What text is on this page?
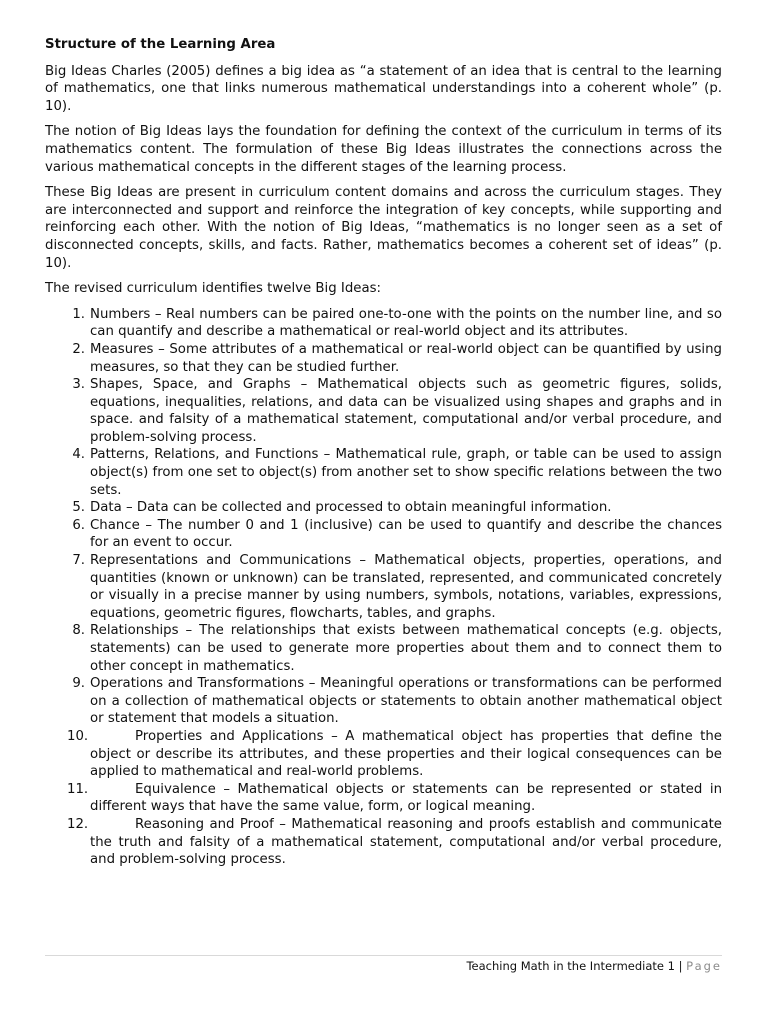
Structure of the Learning Area

Big Ideas Charles (2005) defines a big idea as “a statement of an idea that is central to the learning of mathematics, one that links numerous mathematical understandings into a coherent whole” (p. 10).

The notion of Big Ideas lays the foundation for defining the context of the curriculum in terms of its mathematics content. The formulation of these Big Ideas illustrates the connections across the various mathematical concepts in the different stages of the learning process.

These Big Ideas are present in curriculum content domains and across the curriculum stages. They are interconnected and support and reinforce the integration of key concepts, while supporting and reinforcing each other. With the notion of Big Ideas, “mathematics is no longer seen as a set of disconnected concepts, skills, and facts. Rather, mathematics becomes a coherent set of ideas” (p. 10).

The revised curriculum identifies twelve Big Ideas:

1. Numbers – Real numbers can be paired one-to-one with the points on the number line, and so can quantify and describe a mathematical or real-world object and its attributes.
2. Measures – Some attributes of a mathematical or real-world object can be quantified by using measures, so that they can be studied further.
3. Shapes, Space, and Graphs – Mathematical objects such as geometric figures, solids, equations, inequalities, relations, and data can be visualized using shapes and graphs and in space. and falsity of a mathematical statement, computational and/or verbal procedure, and problem-solving process.
4. Patterns, Relations, and Functions – Mathematical rule, graph, or table can be used to assign object(s) from one set to object(s) from another set to show specific relations between the two sets.
5. Data – Data can be collected and processed to obtain meaningful information.
6. Chance – The number 0 and 1 (inclusive) can be used to quantify and describe the chances for an event to occur.
7. Representations and Communications – Mathematical objects, properties, operations, and quantities (known or unknown) can be translated, represented, and communicated concretely or visually in a precise manner by using numbers, symbols, notations, variables, expressions, equations, geometric figures, flowcharts, tables, and graphs.
8. Relationships – The relationships that exists between mathematical concepts (e.g. objects, statements) can be used to generate more properties about them and to connect them to other concept in mathematics.
9. Operations and Transformations – Meaningful operations or transformations can be performed on a collection of mathematical objects or statements to obtain another mathematical object or statement that models a situation.
10.	Properties and Applications – A mathematical object has properties that define the object or describe its attributes, and these properties and their logical consequences can be applied to mathematical and real-world problems.
11.	Equivalence – Mathematical objects or statements can be represented or stated in different ways that have the same value, form, or logical meaning.
12.	Reasoning and Proof – Mathematical reasoning and proofs establish and communicate the truth and falsity of a mathematical statement, computational and/or verbal procedure, and problem-solving process.
Teaching Math in the Intermediate 1 | Page
